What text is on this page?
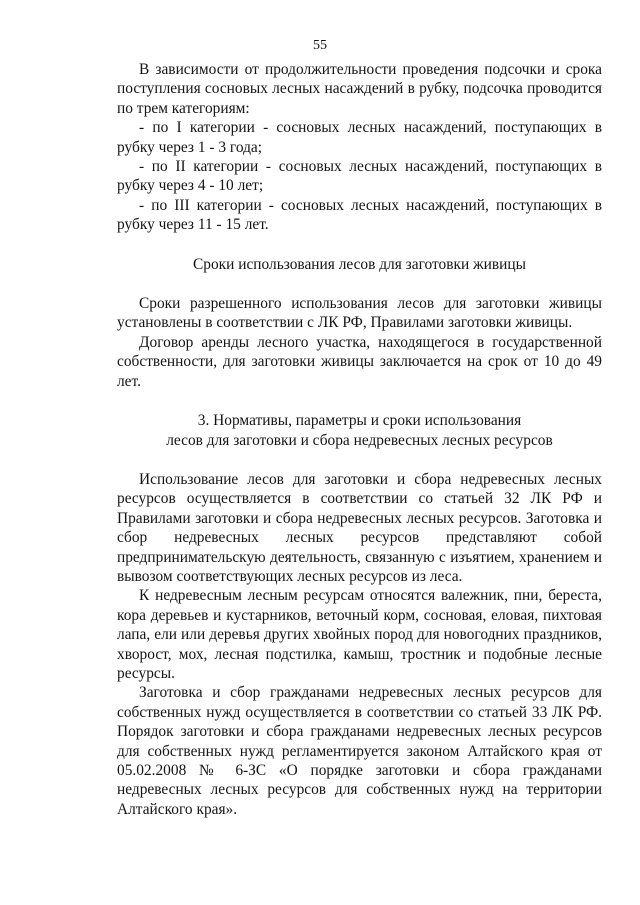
55

В зависимости от продолжительности проведения подсочки и срока поступления сосновых лесных насаждений в рубку, подсочка проводится по трем категориям:

- по I категории - сосновых лесных насаждений, поступающих в рубку через 1 - 3 года;

- по II категории - сосновых лесных насаждений, поступающих в рубку через 4 - 10 лет;

- по III категории - сосновых лесных насаждений, поступающих в рубку через 11 - 15 лет.

Сроки использования лесов для заготовки живицы

Сроки разрешенного использования лесов для заготовки живицы установлены в соответствии с ЛК РФ, Правилами заготовки живицы.

Договор аренды лесного участка, находящегося в государственной собственности, для заготовки живицы заключается на срок от 10 до 49 лет.

3. Нормативы, параметры и сроки использования

лесов для заготовки и сбора недревесных лесных ресурсов

Использование лесов для заготовки и сбора недревесных лесных ресурсов осуществляется в соответствии со статьей 32 ЛК РФ и Правилами заготовки и сбора недревесных лесных ресурсов. Заготовка и сбор недревесных лесных ресурсов представляют собой предпринимательскую деятельность, связанную с изъятием, хранением и вывозом соответствующих лесных ресурсов из леса.

К недревесным лесным ресурсам относятся валежник, пни, береста, кора деревьев и кустарников, веточный корм, сосновая, еловая, пихтовая лапа, ели или деревья других хвойных пород для новогодних праздников, хворост, мох, лесная подстилка, камыш, тростник и подобные лесные ресурсы.

Заготовка и сбор гражданами недревесных лесных ресурсов для собственных нужд осуществляется в соответствии со статьей 33 ЛК РФ. Порядок заготовки и сбора гражданами недревесных лесных ресурсов для собственных нужд регламентируется законом Алтайского края от 05.02.2008 № 6-ЗС «О порядке заготовки и сбора гражданами недревесных лесных ресурсов для собственных нужд на территории Алтайского края».
